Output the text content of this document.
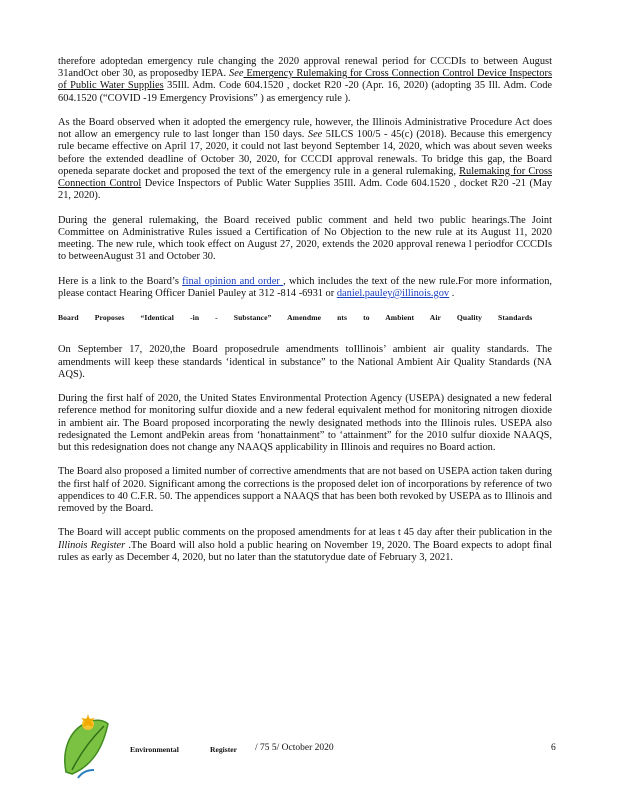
therefore adoptedan emergency rule changing the 2020 approval renewal period for CCCDIs to between August 31andOct ober 30, as proposedby IEPA. See Emergency Rulemaking for Cross Connection Control Device Inspectors of Public Water Supplies 35Ill. Adm. Code 604.1520 , docket R20 -20 (Apr. 16, 2020) (adopting 35 Ill. Adm. Code 604.1520 (“COVID -19 Emergency Provisions” ) as emergency rule ).

As the Board observed when it adopted the emergency rule, however, the Illinois Administrative Procedure Act does not allow an emergency rule to last longer than 150 days. See 5ILCS 100/5 - 45(c) (2018). Because this emergency rule became effective on April 17, 2020, it could not last beyond September 14, 2020, which was about seven weeks before the extended deadline of October 30, 2020, for CCCDI approval renewals. To bridge this gap, the Board openeda separate docket and proposed the text of the emergency rule in a general rulemaking, Rulemaking for Cross Connection Control Device Inspectors of Public Water Supplies 35Ill. Adm. Code 604.1520 , docket R20 -21 (May 21, 2020).

During the general rulemaking, the Board received public comment and held two public hearings.The Joint Committee on Administrative Rules issued a Certification of No Objection to the new rule at its August 11, 2020 meeting. The new rule, which took effect on August 27, 2020, extends the 2020 approval renewa l periodfor CCCDIs to betweenAugust 31 and October 30.

Here is a link to the Board’s final opinion and order , which includes the text of the new rule.For more information, please contact Hearing Officer Daniel Pauley at 312 -814 -6931 or daniel.pauley@illinois.gov .

Board Proposes “Identical -in - Substance” Amendme nts to Ambient Air Quality Standards

On September 17, 2020,the Board proposedrule amendments toIllinois’ ambient air quality standards. The amendments will keep these standards ‘identical in substance” to the National Ambient Air Quality Standards (NA AQS).

During the first half of 2020, the United States Environmental Protection Agency (USEPA) designated a new federal reference method for monitoring sulfur dioxide and a new federal equivalent method for monitoring nitrogen dioxide in ambient air. The Board proposed incorporating the newly designated methods into the Illinois rules. USEPA also redesignated the Lemont andPekin areas from ‘honattainment” to ‘attainment” for the 2010 sulfur dioxide NAAQS, but this redesignation does not change any NAAQS applicability in Illinois and requires no Board action.

The Board also proposed a limited number of corrective amendments that are not based on USEPA action taken during the first half of 2020. Significant among the corrections is the proposed delet ion of incorporations by reference of two appendices to 40 C.F.R. 50. The appendices support a NAAQS that has been both revoked by USEPA as to Illinois and removed by the Board.

The Board will accept public comments on the proposed amendments for at leas t 45 day after their publication in the Illinois Register .The Board will also hold a public hearing on November 19, 2020. The Board expects to adopt final rules as early as December 4, 2020, but no later than the statutorydue date of February 3, 2021.

Environmental	Register / 75 5/ October 2020	6
